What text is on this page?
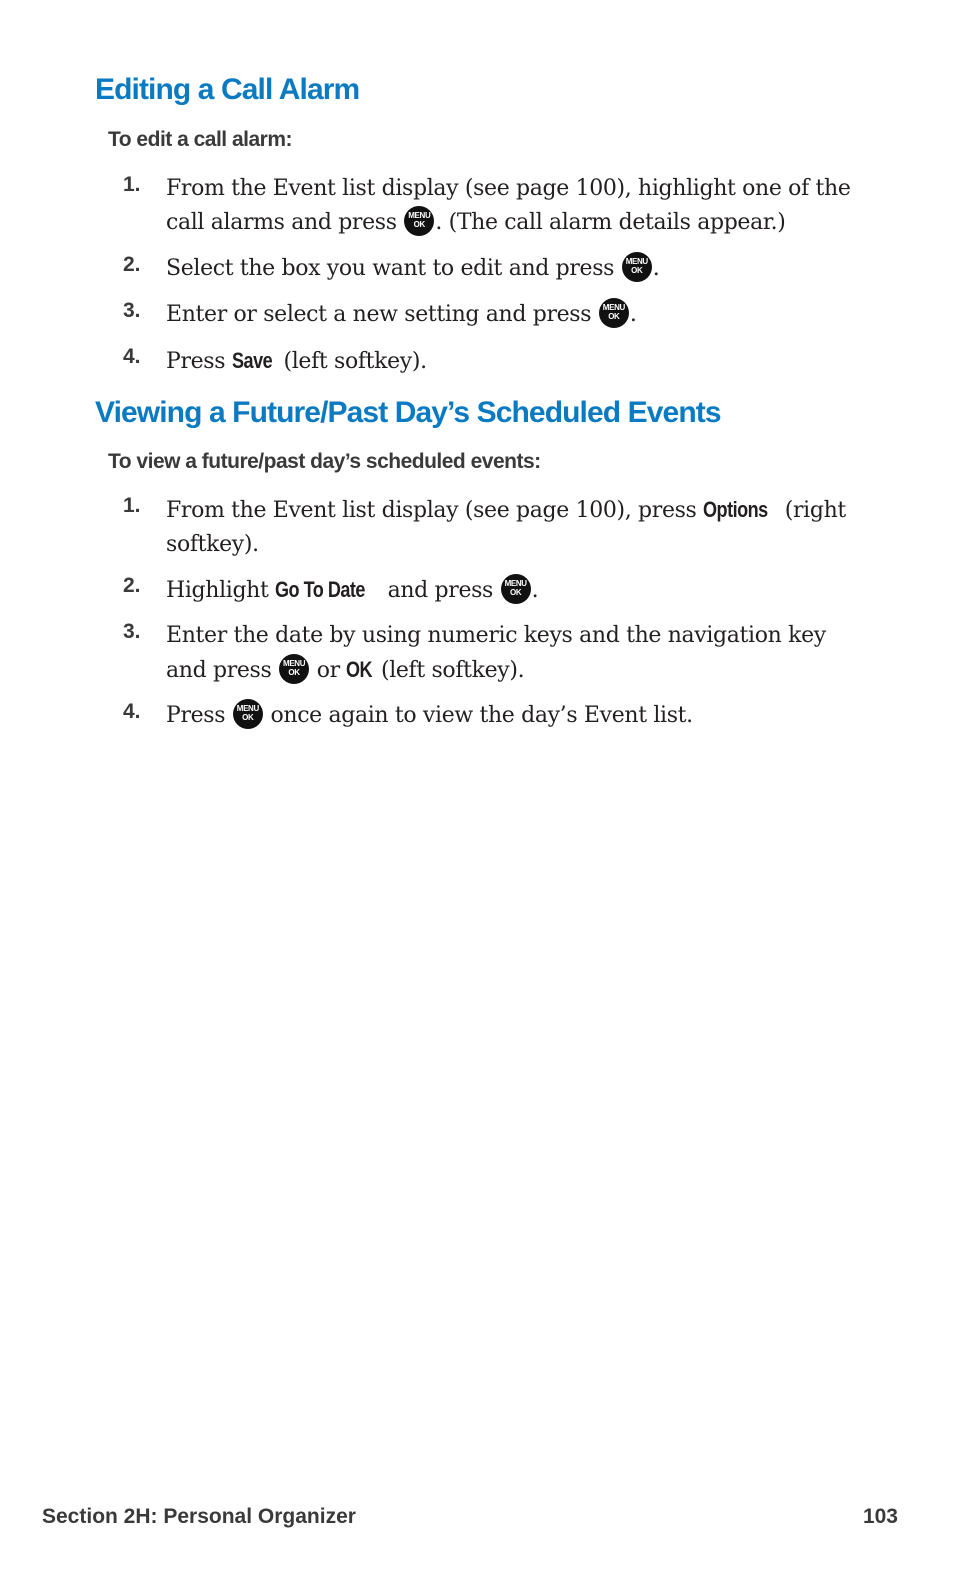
Editing a Call Alarm
To edit a call alarm:
1. From the Event list display (see page 100), highlight one of the call alarms and press	MENU
OK . (The call alarm details appear.)
2. Select the box you want to edit and press	MENU
OK .
3. Enter or select a new setting and press	MENU
OK .
4. Press Save (left softkey).
Viewing a Future/Past Day’s Scheduled Events
To view a future/past day’s scheduled events:
1. From the Event list display (see page 100), press Options (right softkey).
2. Highlight Go To Date and press	MENU
OK .
3. Enter the date by using numeric keys and the navigation key and press	MENU
OK or OK (left softkey).
4. Press	MENU
OK once again to view the day’s Event list.
Section 2H: Personal Organizer	103
